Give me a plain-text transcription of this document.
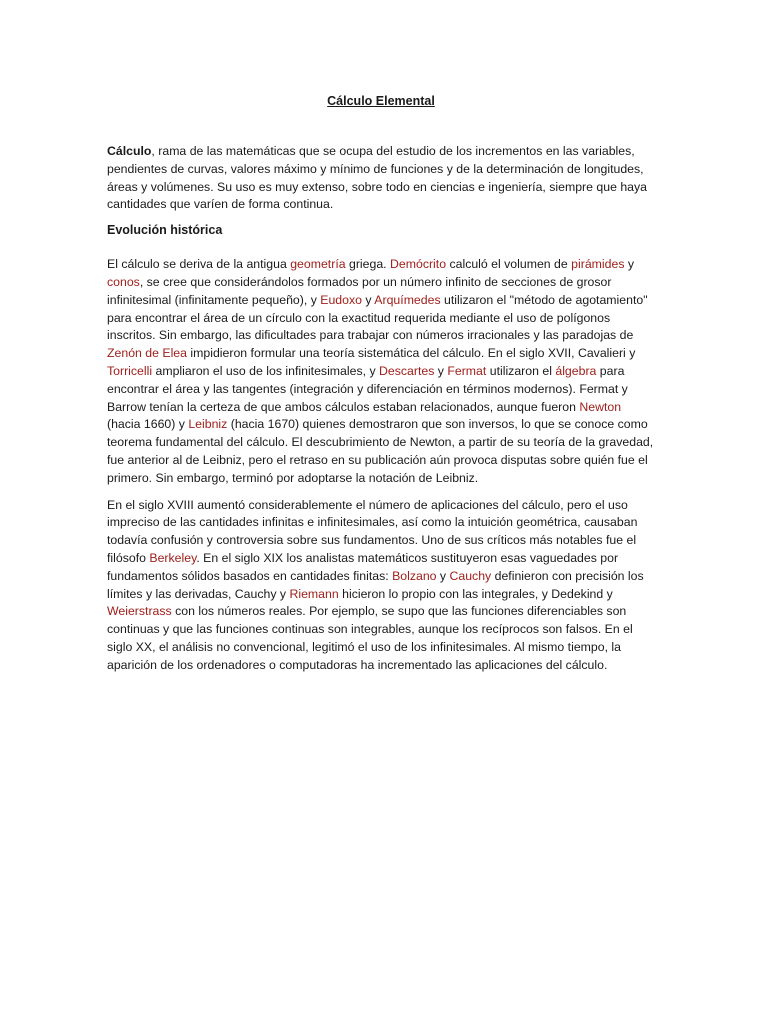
Cálculo Elemental

Cálculo, rama de las matemáticas que se ocupa del estudio de los incrementos en las variables, pendientes de curvas, valores máximo y mínimo de funciones y de la determinación de longitudes, áreas y volúmenes. Su uso es muy extenso, sobre todo en ciencias e ingeniería, siempre que haya cantidades que varíen de forma continua.

Evolución histórica

El cálculo se deriva de la antigua geometría griega. Demócrito calculó el volumen de pirámides y conos, se cree que considerándolos formados por un número infinito de secciones de grosor infinitesimal (infinitamente pequeño), y Eudoxo y Arquímedes utilizaron el "método de agotamiento" para encontrar el área de un círculo con la exactitud requerida mediante el uso de polígonos inscritos. Sin embargo, las dificultades para trabajar con números irracionales y las paradojas de Zenón de Elea impidieron formular una teoría sistemática del cálculo. En el siglo XVII, Cavalieri y Torricelli ampliaron el uso de los infinitesimales, y Descartes y Fermat utilizaron el álgebra para encontrar el área y las tangentes (integración y diferenciación en términos modernos). Fermat y Barrow tenían la certeza de que ambos cálculos estaban relacionados, aunque fueron Newton (hacia 1660) y Leibniz (hacia 1670) quienes demostraron que son inversos, lo que se conoce como teorema fundamental del cálculo. El descubrimiento de Newton, a partir de su teoría de la gravedad, fue anterior al de Leibniz, pero el retraso en su publicación aún provoca disputas sobre quién fue el primero. Sin embargo, terminó por adoptarse la notación de Leibniz.

En el siglo XVIII aumentó considerablemente el número de aplicaciones del cálculo, pero el uso impreciso de las cantidades infinitas e infinitesimales, así como la intuición geométrica, causaban todavía confusión y controversia sobre sus fundamentos. Uno de sus críticos más notables fue el filósofo Berkeley. En el siglo XIX los analistas matemáticos sustituyeron esas vaguedades por fundamentos sólidos basados en cantidades finitas: Bolzano y Cauchy definieron con precisión los límites y las derivadas, Cauchy y Riemann hicieron lo propio con las integrales, y Dedekind y Weierstrass con los números reales. Por ejemplo, se supo que las funciones diferenciables son continuas y que las funciones continuas son integrables, aunque los recíprocos son falsos. En el siglo XX, el análisis no convencional, legitimó el uso de los infinitesimales. Al mismo tiempo, la aparición de los ordenadores o computadoras ha incrementado las aplicaciones del cálculo.
